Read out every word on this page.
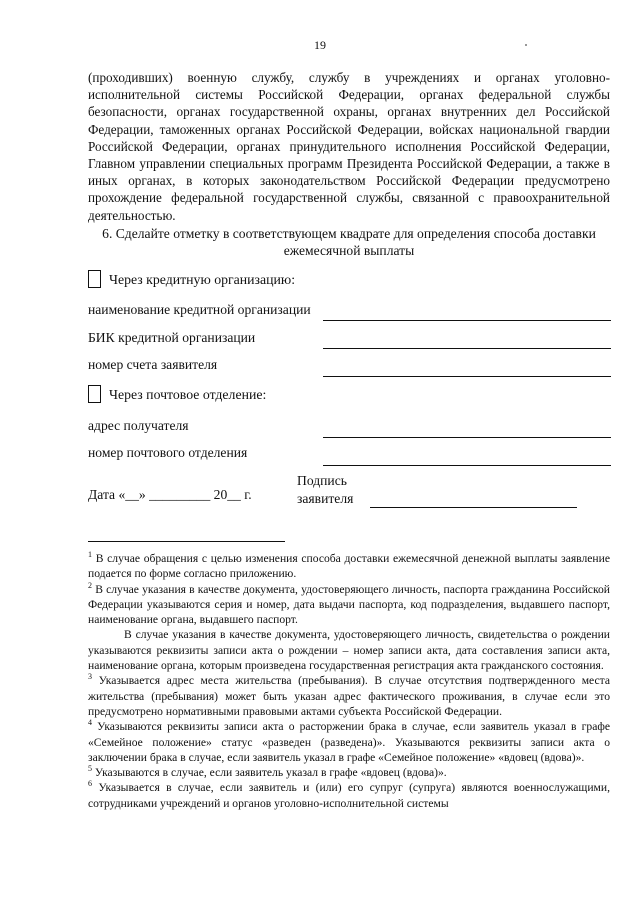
19

(проходивших) военную службу, службу в учреждениях и органах уголовно-исполнительной системы Российской Федерации, органах федеральной службы безопасности, органах государственной охраны, органах внутренних дел Российской Федерации, таможенных органах Российской Федерации, войсках национальной гвардии Российской Федерации, органах принудительного исполнения Российской Федерации, Главном управлении специальных программ Президента Российской Федерации, а также в иных органах, в которых законодательством Российской Федерации предусмотрено прохождение федеральной государственной службы, связанной с правоохранительной деятельностью.

6. Сделайте отметку в соответствующем квадрате для определения способа доставки ежемесячной выплаты
Через кредитную организацию:
наименование кредитной организации
БИК кредитной организации
номер счета заявителя
Через почтовое отделение:
адрес получателя
номер почтового отделения
Дата «__» _________ 20__ г.
Подпись
заявителя

$^1$ В случае обращения с целью изменения способа доставки ежемесячной денежной выплаты заявление подается по форме согласно приложению.

$^2$ В случае указания в качестве документа, удостоверяющего личность, паспорта гражданина Российской Федерации указываются серия и номер, дата выдачи паспорта, код подразделения, выдавшего паспорт, наименование органа, выдавшего паспорт.

В случае указания в качестве документа, удостоверяющего личность, свидетельства о рождении указываются реквизиты записи акта о рождении – номер записи акта, дата составления записи акта, наименование органа, которым произведена государственная регистрация акта гражданского состояния.

$^3$ Указывается адрес места жительства (пребывания). В случае отсутствия подтвержденного места жительства (пребывания) может быть указан адрес фактического проживания, в случае если это предусмотрено нормативными правовыми актами субъекта Российской Федерации.

$^4$ Указываются реквизиты записи акта о расторжении брака в случае, если заявитель указал в графе «Семейное положение» статус «разведен (разведена)». Указываются реквизиты записи акта о заключении брака в случае, если заявитель указал в графе «Семейное положение» «вдовец (вдова)».

$^5$ Указываются в случае, если заявитель указал в графе «вдовец (вдова)».

$^6$ Указывается в случае, если заявитель и (или) его супруг (супруга) являются военнослужащими, сотрудниками учреждений и органов уголовно-исполнительной системы
